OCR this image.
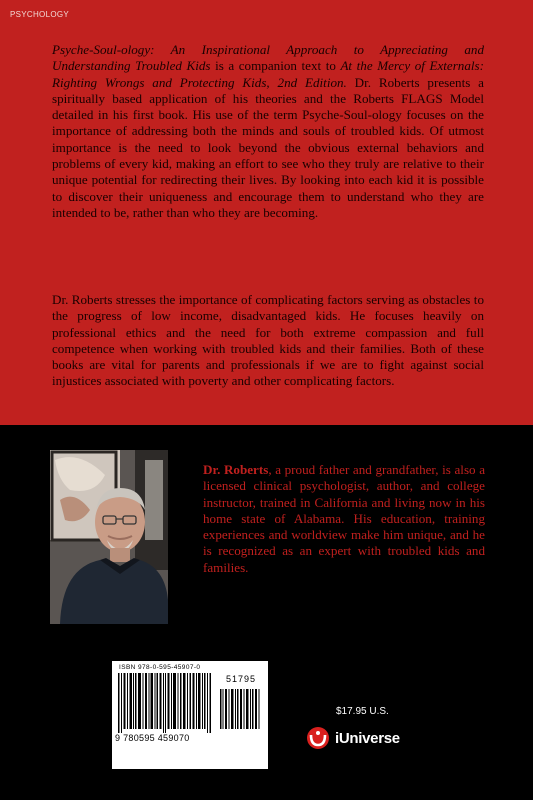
PSYCHOLOGY

Psyche-Soul-ology: An Inspirational Approach to Appreciating and Understanding Troubled Kids is a companion text to At the Mercy of Externals: Righting Wrongs and Protecting Kids, 2nd Edition. Dr. Roberts presents a spiritually based application of his theories and the Roberts FLAGS Model detailed in his first book. His use of the term Psyche-Soul-ology focuses on the importance of addressing both the minds and souls of troubled kids. Of utmost importance is the need to look beyond the obvious external behaviors and problems of every kid, making an effort to see who they truly are relative to their unique potential for redirecting their lives. By looking into each kid it is possible to discover their uniqueness and encourage them to understand who they are intended to be, rather than who they are becoming.

Dr. Roberts stresses the importance of complicating factors serving as obstacles to the progress of low income, disadvantaged kids. He focuses heavily on professional ethics and the need for both extreme compassion and full competence when working with troubled kids and their families. Both of these books are vital for parents and professionals if we are to fight against social injustices associated with poverty and other complicating factors.

Dr. Roberts, a proud father and grandfather, is also a licensed clinical psychologist, author, and college instructor, trained in California and living now in his home state of Alabama. His education, training experiences and worldview make him unique, and he is recognized as an expert with troubled kids and families.

ISBN 978-0-595-45907-0
51795
9 780595 459070
www.iuniverse.com
$17.95 U.S.
iUniverse
